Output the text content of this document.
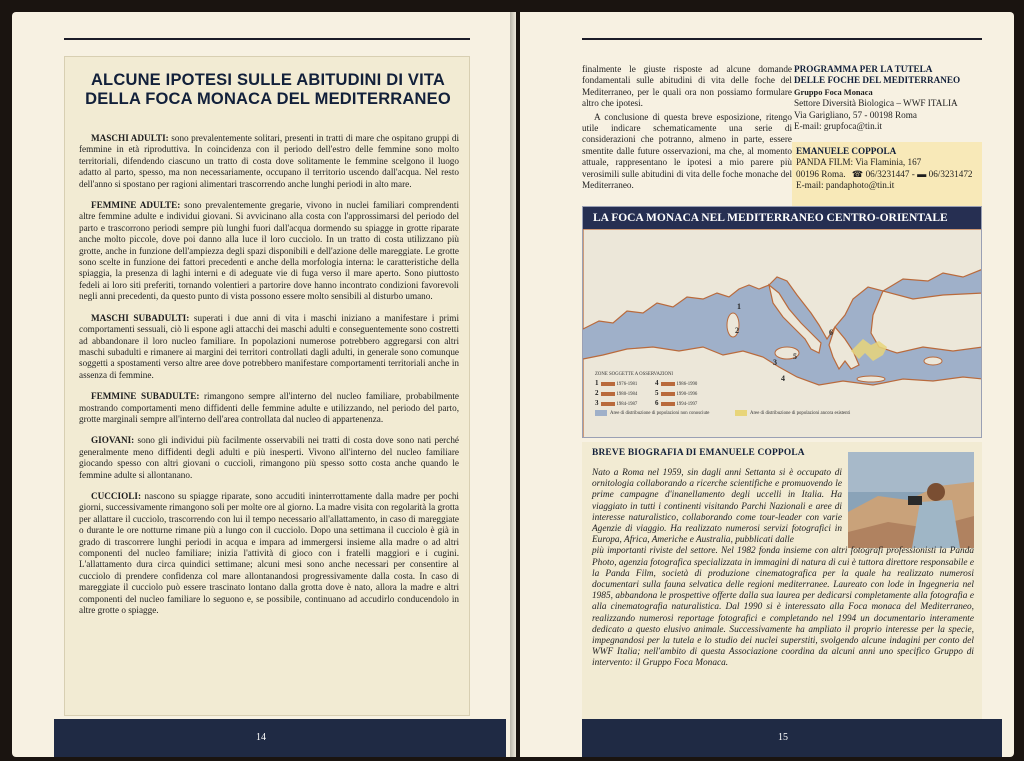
ALCUNE IPOTESI SULLE ABITUDINI DI VITA
DELLA FOCA MONACA DEL MEDITERRANEO

MASCHI ADULTI: sono prevalentemente solitari, presenti in tratti di mare che ospitano gruppi di femmine in età riproduttiva. In coincidenza con il periodo dell'estro delle femmine sono molto territoriali, difendendo ciascuno un tratto di costa dove solitamente le femmine scelgono il luogo adatto al parto, spesso, ma non necessariamente, occupano il territorio uscendo dall'acqua. Nel resto dell'anno si spostano per ragioni alimentari trascorrendo anche lunghi periodi in alto mare.

FEMMINE ADULTE: sono prevalentemente gregarie, vivono in nuclei familiari comprendenti altre femmine adulte e individui giovani. Si avvicinano alla costa con l'approssimarsi del periodo del parto e trascorrono periodi sempre più lunghi fuori dall'acqua dormendo su spiagge in grotte riparate anche molto piccole, dove poi danno alla luce il loro cucciolo. In un tratto di costa utilizzano più grotte, anche in funzione dell'ampiezza degli spazi disponibili e dell'azione delle mareggiate. Le grotte sono scelte in funzione dei fattori precedenti e anche della morfologia interna: le caratteristiche della spiaggia, la presenza di laghi interni e di adeguate vie di fuga verso il mare aperto. Sono piuttosto fedeli ai loro siti preferiti, tornando volentieri a partorire dove hanno incontrato condizioni favorevoli negli anni precedenti, da questo punto di vista possono essere molto sensibili al disturbo umano.

MASCHI SUBADULTI: superati i due anni di vita i maschi iniziano a manifestare i primi comportamenti sessuali, ciò li espone agli attacchi dei maschi adulti e conseguentemente sono costretti ad abbandonare il loro nucleo familiare. In popolazioni numerose potrebbero aggregarsi con altri maschi subadulti e rimanere ai margini dei territori controllati dagli adulti, in generale sono comunque soggetti a spostamenti verso altre aree dove potrebbero manifestare comportamenti territoriali anche in assenza di femmine.

FEMMINE SUBADULTE: rimangono sempre all'interno del nucleo familiare, probabilmente mostrando comportamenti meno diffidenti delle femmine adulte e utilizzando, nel periodo del parto, grotte marginali sempre all'interno dell'area controllata dal nucleo di appartenenza.

GIOVANI: sono gli individui più facilmente osservabili nei tratti di costa dove sono nati perché generalmente meno diffidenti degli adulti e più inesperti. Vivono all'interno del nucleo familiare giocando spesso con altri giovani o cuccioli, rimangono più spesso sotto costa anche quando le femmine adulte si allontanano.

CUCCIOLI: nascono su spiagge riparate, sono accuditi ininterrottamente dalla madre per pochi giorni, successivamente rimangono soli per molte ore al giorno. La madre visita con regolarità la grotta per allattare il cucciolo, trascorrendo con lui il tempo necessario all'allattamento, in caso di mareggiate o durante le ore notturne rimane più a lungo con il cucciolo. Dopo una settimana il cucciolo è già in grado di trascorrere lunghi periodi in acqua e impara ad immergersi insieme alla madre o ad altri componenti del nucleo familiare; inizia l'attività di gioco con i fratelli maggiori e i cugini. L'allattamento dura circa quindici settimane; alcuni mesi sono anche necessari per consentire al cucciolo di prendere confidenza col mare allontanandosi progressivamente dalla costa. In caso di mareggiate il cucciolo può essere trascinato lontano dalla grotta dove è nato, allora la madre e altri componenti del nucleo familiare lo seguono e, se possibile, continuano ad accudirlo conducendolo in altre grotte o spiagge.

14

finalmente le giuste risposte ad alcune domande fondamentali sulle abitudini di vita delle foche del Mediterraneo, per le quali ora non possiamo formulare altro che ipotesi.

A conclusione di questa breve esposizione, ritengo utile indicare schematicamente una serie di considerazioni che potranno, almeno in parte, essere smentite dalle future osservazioni, ma che, al momento attuale, rappresentano le ipotesi a mio parere più verosimili sulle abitudini di vita delle foche monache del Mediterraneo.

PROGRAMMA PER LA TUTELA
DELLE FOCHE DEL MEDITERRANEO
Gruppo Foca Monaca
Settore Diversità Biologica – WWF ITALIA
Via Garigliano, 57 - 00198 Roma
E-mail: grupfoca@tin.it
EMANUELE COPPOLA
PANDA FILM: Via Flaminia, 167
00196 Roma. ☎ 06/3231447 - ▬ 06/3231472
E-mail: pandaphoto@tin.it
LA FOCA MONACA NEL MEDITERRANEO CENTRO-ORIENTALE
1
2
3
4
5
6
ZONE SOGGETTE A OSSERVAZIONI
1	1976-1981
2	1980-1984
3	1984-1987
4	1986-1990
5	1990-1996
6	1994-1997
Aree di distribuzione di popolazioni non conosciute	Aree di distribuzione di popolazioni ancora esistenti
BREVE BIOGRAFIA DI EMANUELE COPPOLA
Nato a Roma nel 1959, sin dagli anni Settanta si è occupato di ornitologia collaborando a ricerche scientifiche e promuovendo le prime campagne d'inanellamento degli uccelli in Italia. Ha viaggiato in tutti i continenti visitando Parchi Nazionali e aree di interesse naturalistico, collaborando come tour-leader con varie Agenzie di viaggio. Ha realizzato numerosi servizi fotografici in Europa, Africa, Americhe e Australia, pubblicati dalle
più importanti riviste del settore. Nel 1982 fonda insieme con altri fotografi professionisti la Panda Photo, agenzia fotografica specializzata in immagini di natura di cui è tuttora direttore responsabile e la Panda Film, società di produzione cinematografica per la quale ha realizzato numerosi documentari sulla fauna selvatica delle regioni mediterranee. Laureato con lode in Ingegneria nel 1985, abbandona le prospettive offerte dalla sua laurea per dedicarsi completamente alla fotografia e alla cinematografia naturalistica. Dal 1990 si è interessato alla Foca monaca del Mediterraneo, realizzando numerosi reportage fotografici e completando nel 1994 un documentario interamente dedicato a questo elusivo animale. Successivamente ha ampliato il proprio interesse per la specie, impegnandosi per la tutela e lo studio dei nuclei superstiti, svolgendo alcune indagini per conto del WWF Italia; nell'ambito di questa Associazione coordina da alcuni anni uno specifico Gruppo di intervento: il Gruppo Foca Monaca.
15
